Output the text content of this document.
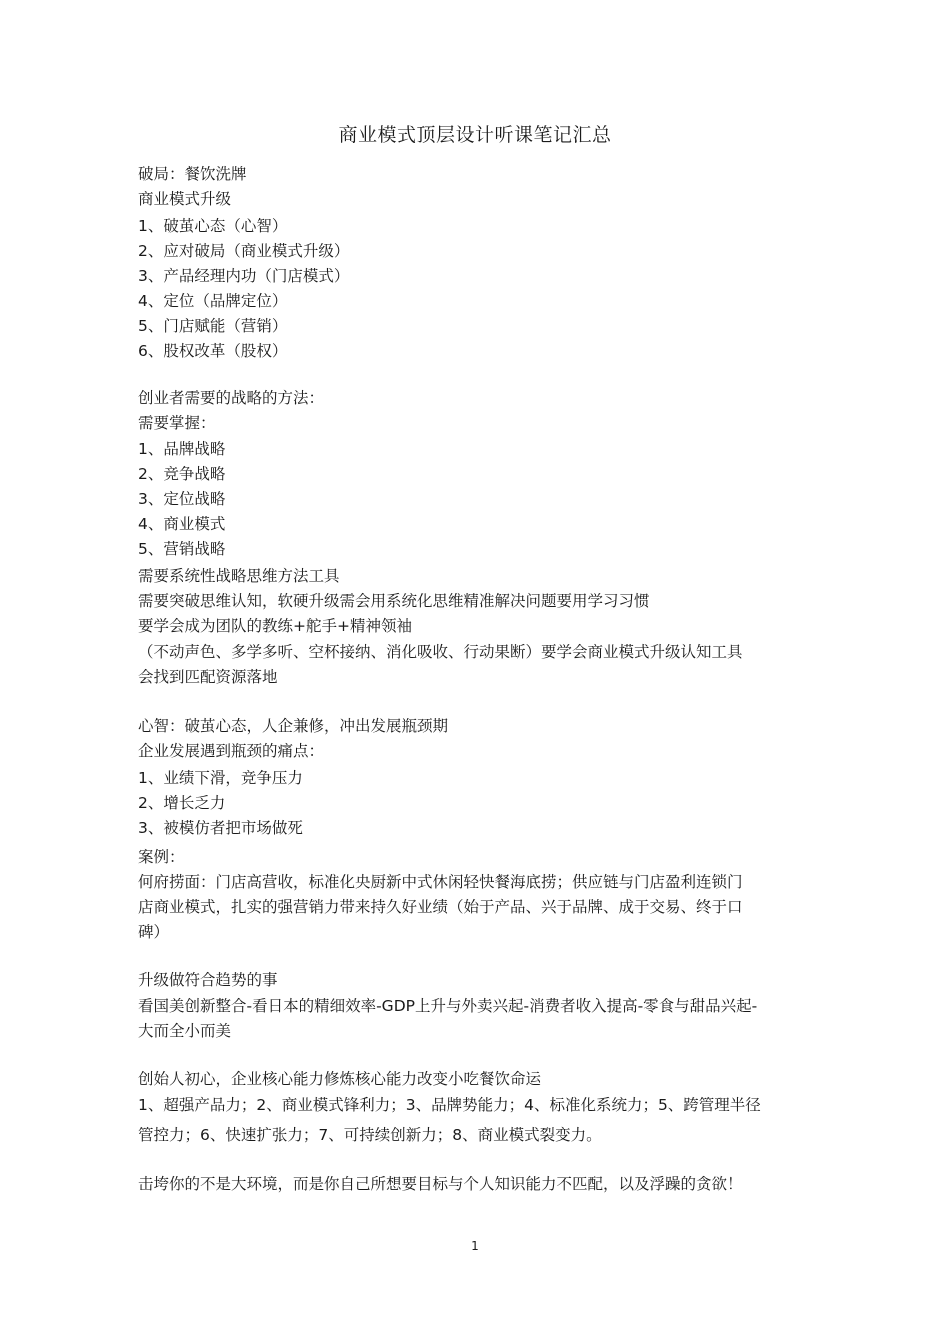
商业模式顶层设计听课笔记汇总

破局：餐饮洗牌

商业模式升级

1、破茧心态（心智）

2、应对破局（商业模式升级）

3、产品经理内功（门店模式）

4、定位（品牌定位）

5、门店赋能（营销）

6、股权改革（股权）

创业者需要的战略的方法：

需要掌握：

1、品牌战略

2、竞争战略

3、定位战略

4、商业模式

5、营销战略

需要系统性战略思维方法工具

需要突破思维认知，软硬升级需会用系统化思维精准解决问题要用学习习惯

要学会成为团队的教练+舵手+精神领袖

（不动声色、多学多听、空杯接纳、消化吸收、行动果断）要学会商业模式升级认知工具

会找到匹配资源落地

心智：破茧心态，人企兼修，冲出发展瓶颈期

企业发展遇到瓶颈的痛点：

1、业绩下滑，竞争压力

2、增长乏力

3、被模仿者把市场做死

案例：

何府捞面：门店高营收，标准化央厨新中式休闲轻快餐海底捞；供应链与门店盈利连锁门

店商业模式，扎实的强营销力带来持久好业绩（始于产品、兴于品牌、成于交易、终于口

碑）

升级做符合趋势的事

看国美创新整合-看日本的精细效率-GDP上升与外卖兴起-消费者收入提高-零食与甜品兴起-

大而全小而美

创始人初心，企业核心能力修炼核心能力改变小吃餐饮命运

1、超强产品力；2、商业模式锋利力；3、品牌势能力；4、标准化系统力；5、跨管理半径

管控力；6、快速扩张力；7、可持续创新力；8、商业模式裂变力。

击垮你的不是大环境，而是你自己所想要目标与个人知识能力不匹配，以及浮躁的贪欲！

1
